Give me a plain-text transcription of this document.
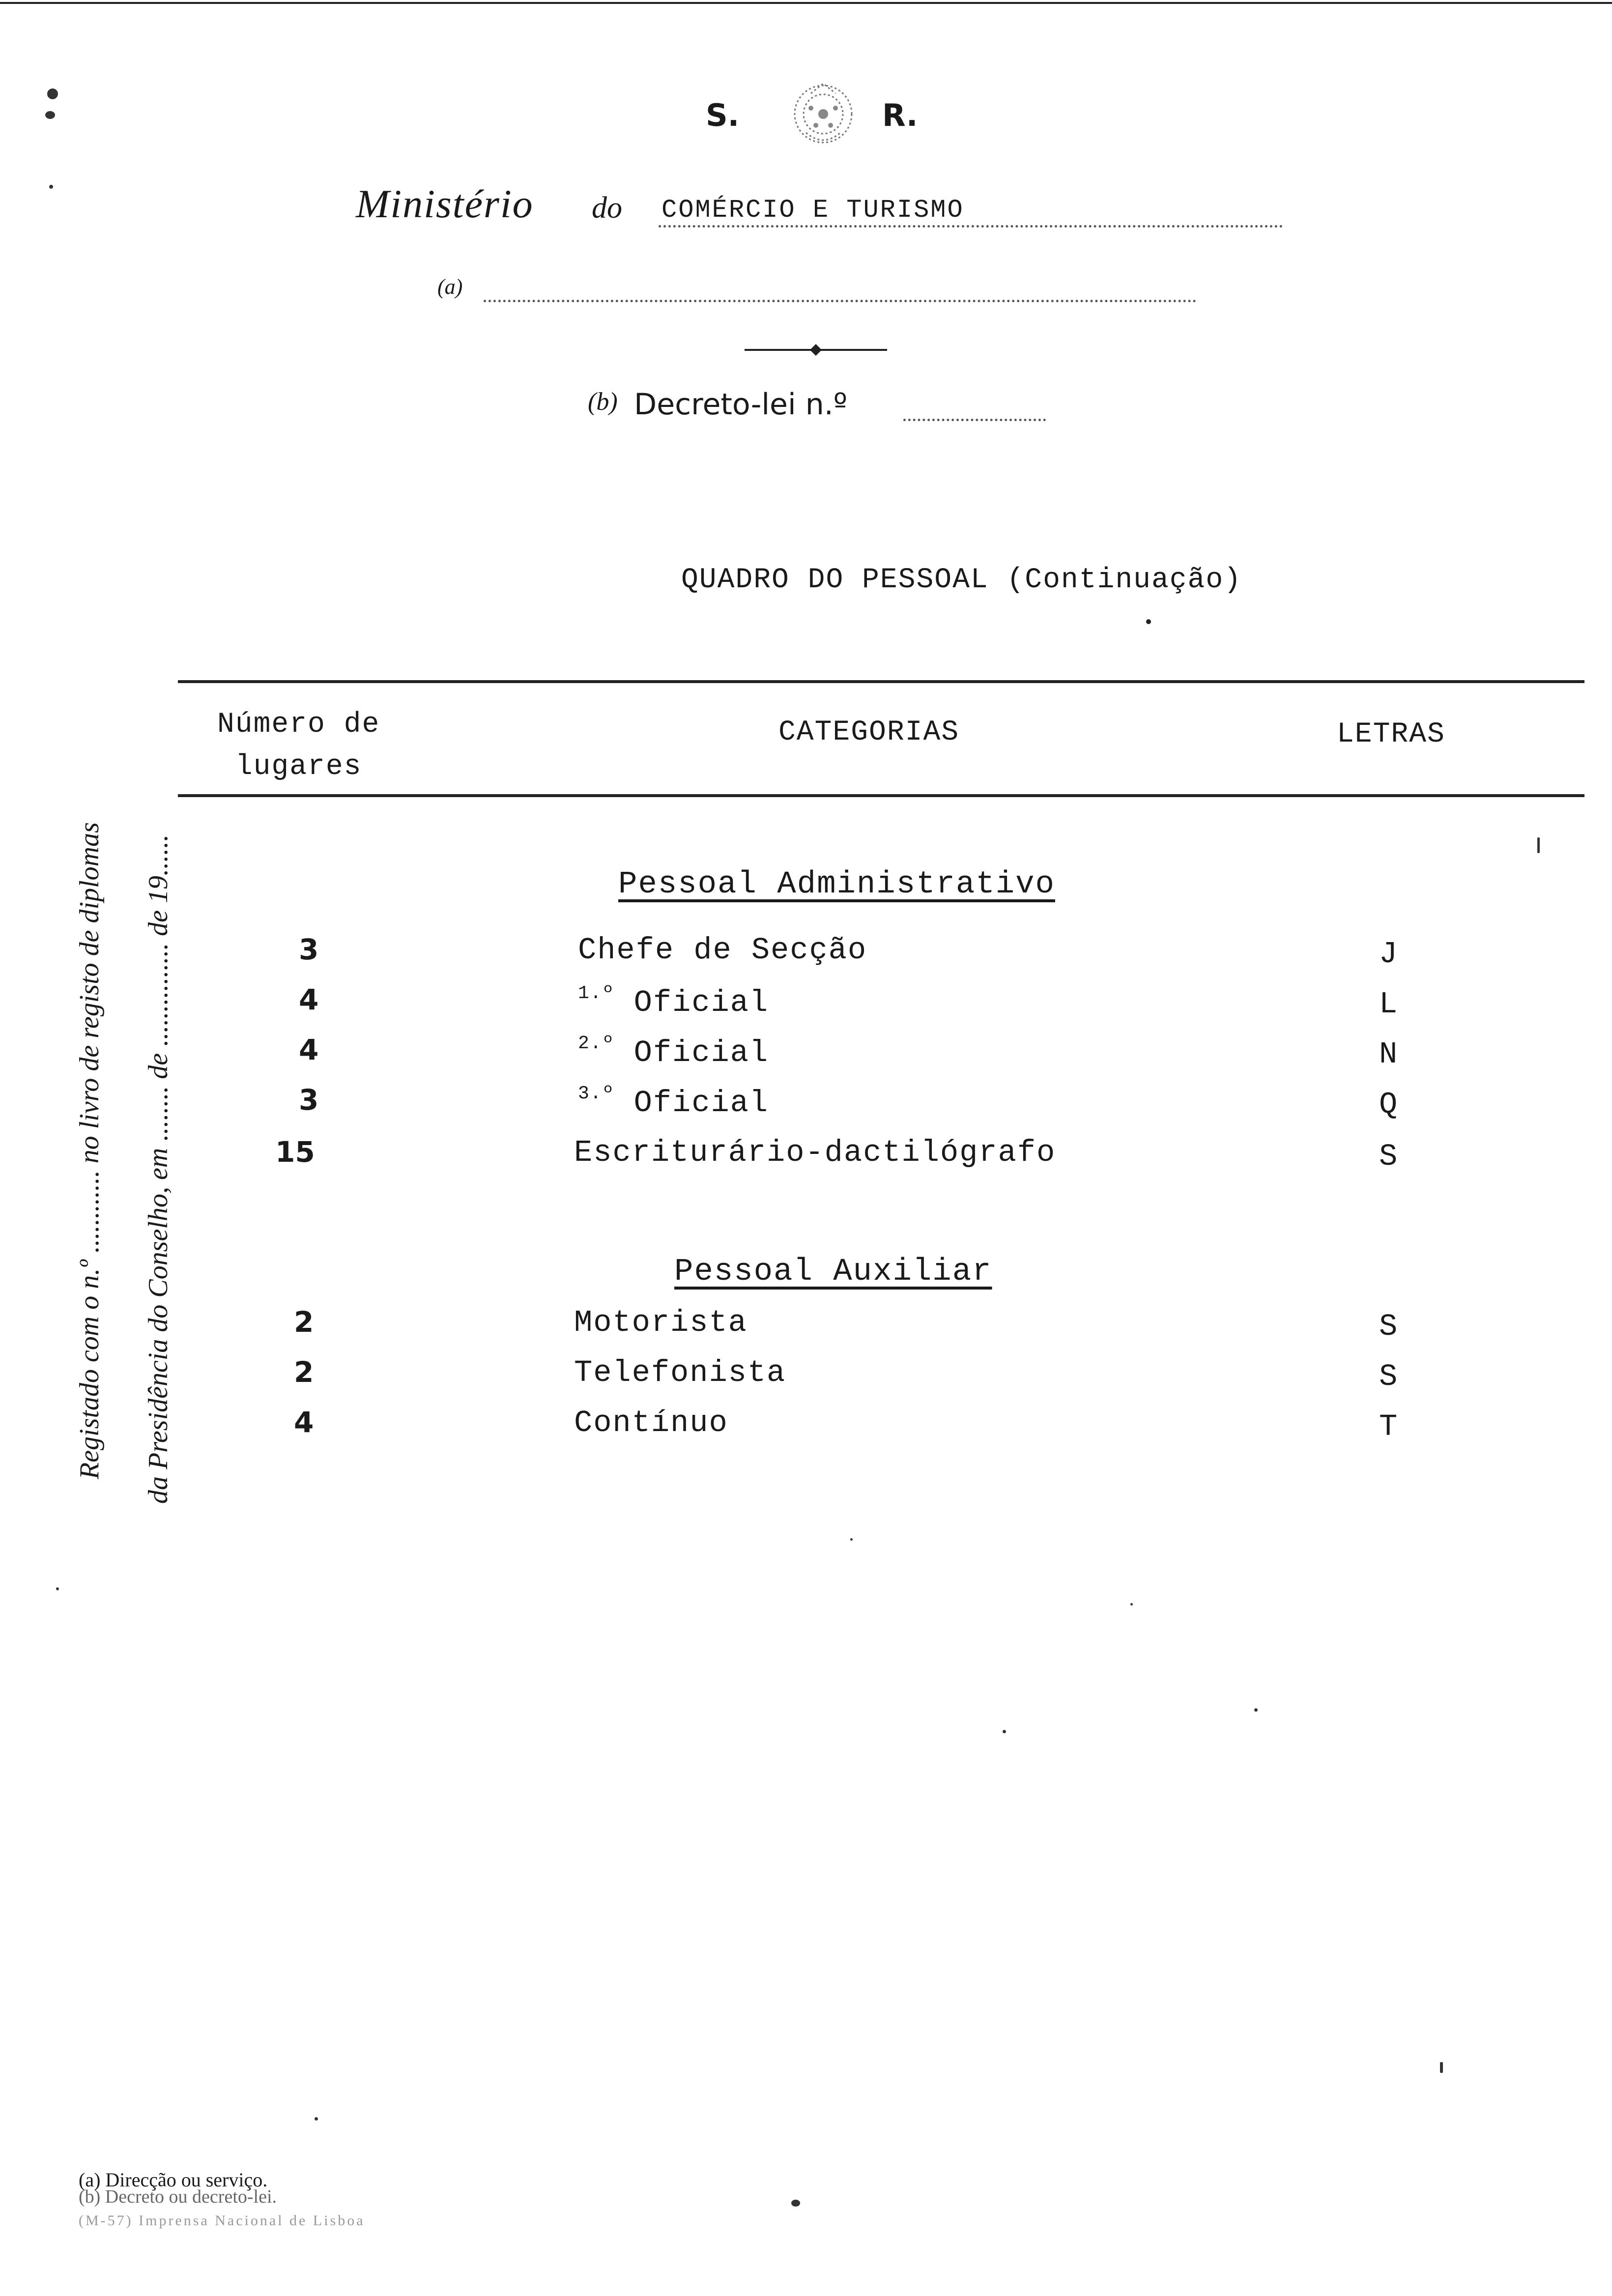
S.	R.
Ministério do COMÉRCIO E TURISMO
(a)
(b) Decreto-lei n.º
QUADRO DO PESSOAL (Continuação)
Número de
lugares
CATEGORIAS	LETRAS
Pessoal Administrativo
3	Chefe de Secção	J
4	$^{1.º}$ Oficial	L
4	$^{2.º}$ Oficial	N
3	$^{3.º}$ Oficial	Q
15	Escriturário-dactilógrafo	S
Pessoal Auxiliar
2	Motorista	S
2	Telefonista	S
4	Contínuo	T
Registado com o n.º ............ no livro de registo de diplomas da Presidência do Conselho, em ........ de ............... de 19......
(a) Direcção ou serviço.
(b) Decreto ou decreto-lei.
(M-57) Imprensa Nacional de Lisboa
